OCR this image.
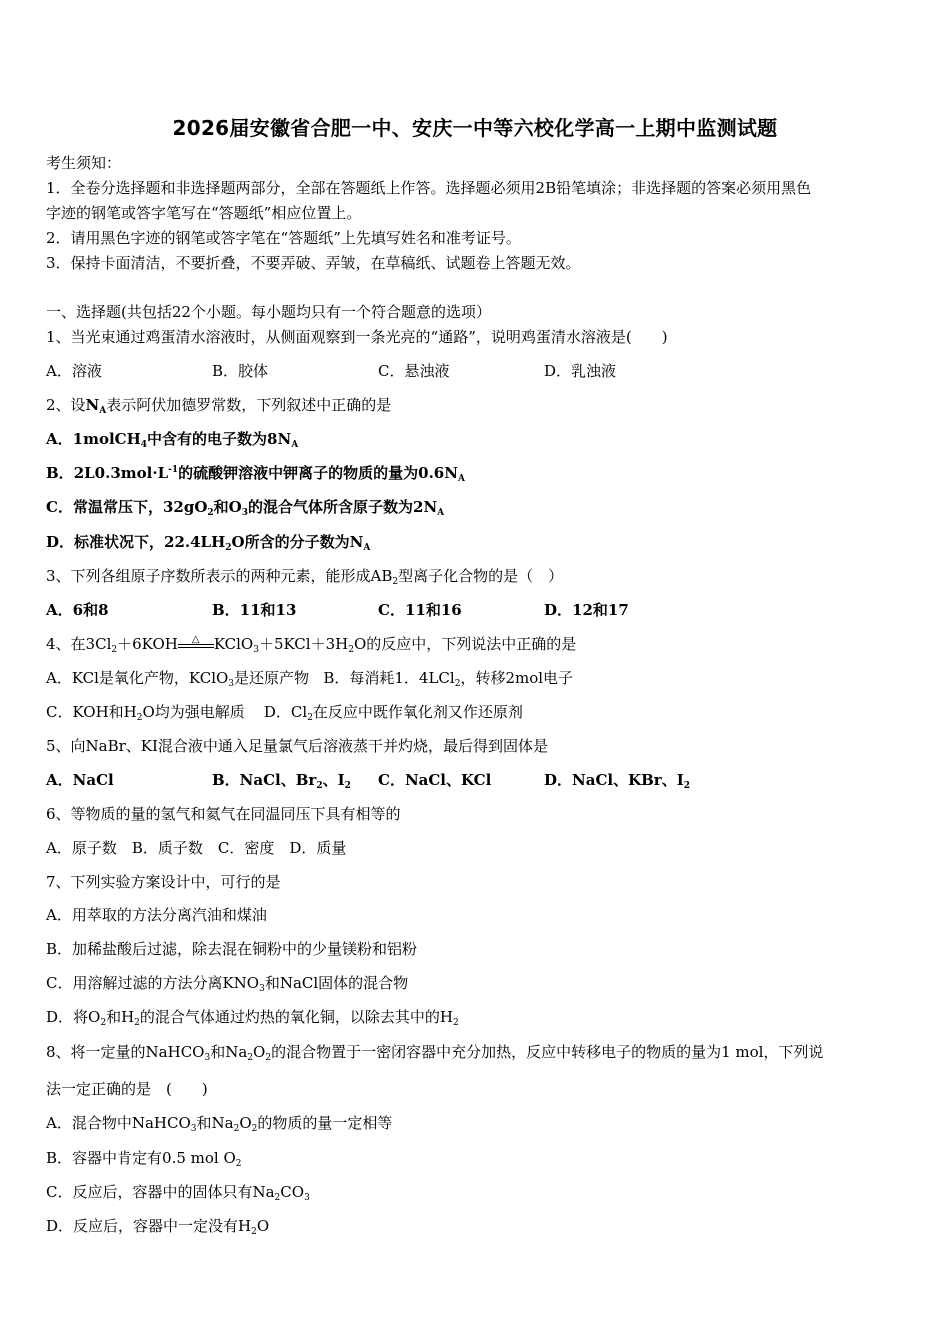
2026届安徽省合肥一中、安庆一中等六校化学高一上期中监测试题
考生须知：
1．全卷分选择题和非选择题两部分，全部在答题纸上作答。选择题必须用2B铅笔填涂；非选择题的答案必须用黑色
字迹的钢笔或答字笔写在“答题纸”相应位置上。
2．请用黑色字迹的钢笔或答字笔在“答题纸”上先填写姓名和准考证号。
3．保持卡面清洁，不要折叠，不要弄破、弄皱，在草稿纸、试题卷上答题无效。
一、选择题(共包括22个小题。每小题均只有一个符合题意的选项）
1、当光束通过鸡蛋清水溶液时，从侧面观察到一条光亮的“通路”，说明鸡蛋清水溶液是(　　)
A．溶液	B．胶体	C．悬浊液	D．乳浊液
2、设$N_A$表示阿伏加德罗常数，下列叙述中正确的是
A．1molCH$_4$中含有的电子数为$8N_A$
B．$2L0.3mol\cdot L^{-1}$的硫酸钾溶液中钾离子的物质的量为$0.6N_A$
C．常温常压下，$32gO_2$和$O_3$的混合气体所含原子数为$2N_A$
D．标准状况下，$22.4LH_2O$所含的分子数为$N_A$
3、下列各组原子序数所表示的两种元素，能形成$AB_2$型离子化合物的是（　）
A．6和8	B．11和13	C．11和16	D．12和17
4、在$3Cl_2+6KOH$ △ $KClO_3+5KCl+3H_2O$的反应中，下列说法中正确的是
A．KCl是氧化产物，KClO$_3$是还原产物 B．每消耗1．4LCl$_2$，转移2mol电子
C．KOH和$H_2O$均为强电解质 D．$Cl_2$在反应中既作氧化剂又作还原剂
5、向NaBr、KI混合液中通入足量氯气后溶液蒸干并灼烧，最后得到固体是
A．NaCl	B．NaCl、$Br_2$、$I_2$ C．NaCl、KCl	D．NaCl、KBr、$I_2$
6、等物质的量的氢气和氦气在同温同压下具有相等的
A．原子数　B．质子数　C．密度　D．质量
7、下列实验方案设计中，可行的是
A．用萃取的方法分离汽油和煤油
B．加稀盐酸后过滤，除去混在铜粉中的少量镁粉和铝粉
C．用溶解过滤的方法分离$KNO_3$和NaCl固体的混合物
D．将$O_2$和$H_2$的混合气体通过灼热的氧化铜，以除去其中的$H_2$
8、将一定量的NaHCO$_3$和$Na_2O_2$的混合物置于一密闭容器中充分加热，反应中转移电子的物质的量为1 mol，下列说
法一定正确的是　(　　)
A．混合物中NaHCO$_3$和$Na_2O_2$的物质的量一定相等
B．容器中肯定有0.5 mol $O_2$
C．反应后，容器中的固体只有$Na_2CO_3$
D．反应后，容器中一定没有$H_2O$
